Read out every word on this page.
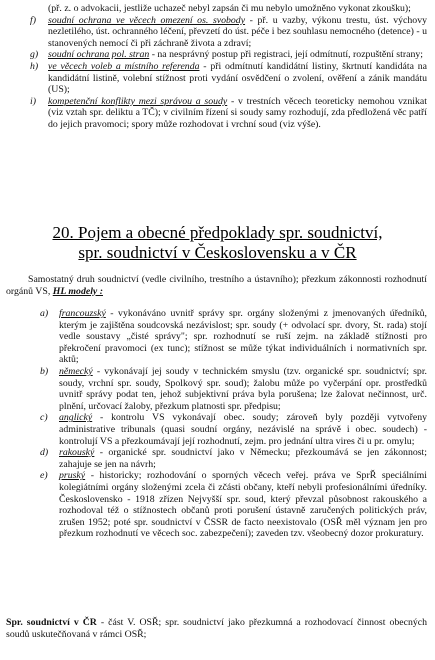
(př. z. o advokacii, jestliže uchazeč nebyl zapsán či mu nebylo umožněno vykonat zkoušku);
f) soudní ochrana ve věcech omezení os. svobody - př. u vazby, výkonu trestu, úst. výchovy nezletilého, úst. ochranného léčení, převzetí do úst. péče i bez souhlasu nemocného (detence) - u stanovených nemocí či při záchraně života a zdraví;
g) soudní ochrana pol. stran - na nesprávný postup při registraci, její odmítnutí, rozpuštění strany;
h) ve věcech voleb a místního referenda - při odmítnutí kandidátní listiny, škrtnutí kandidáta na kandidátní listině, volební stížnost proti vydání osvědčení o zvolení, ověření a zánik mandátu (US);
i) kompetenční konflikty mezi správou a soudy - v trestních věcech teoreticky nemohou vznikat (viz vztah spr. deliktu a TČ); v civilním řízení si soudy samy rozhodují, zda předložená věc patří do jejich pravomoci; spory může rozhodovat i vrchní soud (viz výše).
20. Pojem a obecné předpoklady spr. soudnictví,
spr. soudnictví v Československu a v ČR
Samostatný druh soudnictví (vedle civilního, trestního a ústavního); přezkum zákonnosti rozhodnutí orgánů VS, HL modely :
a) francouzský - vykonáváno uvnitř správy spr. orgány složenými z jmenovaných úředníků, kterým je zajištěna soudcovská nezávislost; spr. soudy (+ odvolací spr. dvory, St. rada) stojí vedle soustavy „čisté správy"; spr. rozhodnutí se ruší zejm. na základě stížnosti pro překročení pravomoci (ex tunc); stížnost se může týkat individuálních i normativních spr. aktů;
b) německý - vykonávají jej soudy v technickém smyslu (tzv. organické spr. soudnictví; spr. soudy, vrchní spr. soudy, Spolkový spr. soud); žalobu může po vyčerpání opr. prostředků uvnitř správy podat ten, jehož subjektivní práva byla porušena; lze žalovat nečinnost, urč. plnění, určovací žaloby, přezkum platnosti spr. předpisu;
c) anglický - kontrolu VS vykonávají obec. soudy; zároveň byly později vytvořeny administrative tribunals (quasi soudní orgány, nezávislé na správě i obec. soudech) - kontrolují VS a přezkoumávají její rozhodnutí, zejm. pro jednání ultra vires či u pr. omylu;
d) rakouský - organické spr. soudnictví jako v Německu; přezkoumává se jen zákonnost; zahajuje se jen na návrh;
e) pruský - historicky; rozhodování o sporných věcech veřej. práva ve SprŘ speciálními kolegiátními orgány složenými zcela či zčásti občany, kteří nebyli profesionálními úředníky. Československo - 1918 zřízen Nejvyšší spr. soud, který převzal působnost rakouského a rozhodoval též o stížnostech občanů proti porušení ústavně zaručených politických práv, zrušen 1952; poté spr. soudnictví v ČSSR de facto neexistovalo (OSŘ měl význam jen pro přezkum rozhodnutí ve věcech soc. zabezpečení); zaveden tzv. všeobecný dozor prokuratury.
Spr. soudnictví v ČR - část V. OSŘ; spr. soudnictví jako přezkumná a rozhodovací činnost obecných soudů uskutečňovaná v rámci OSŘ;
